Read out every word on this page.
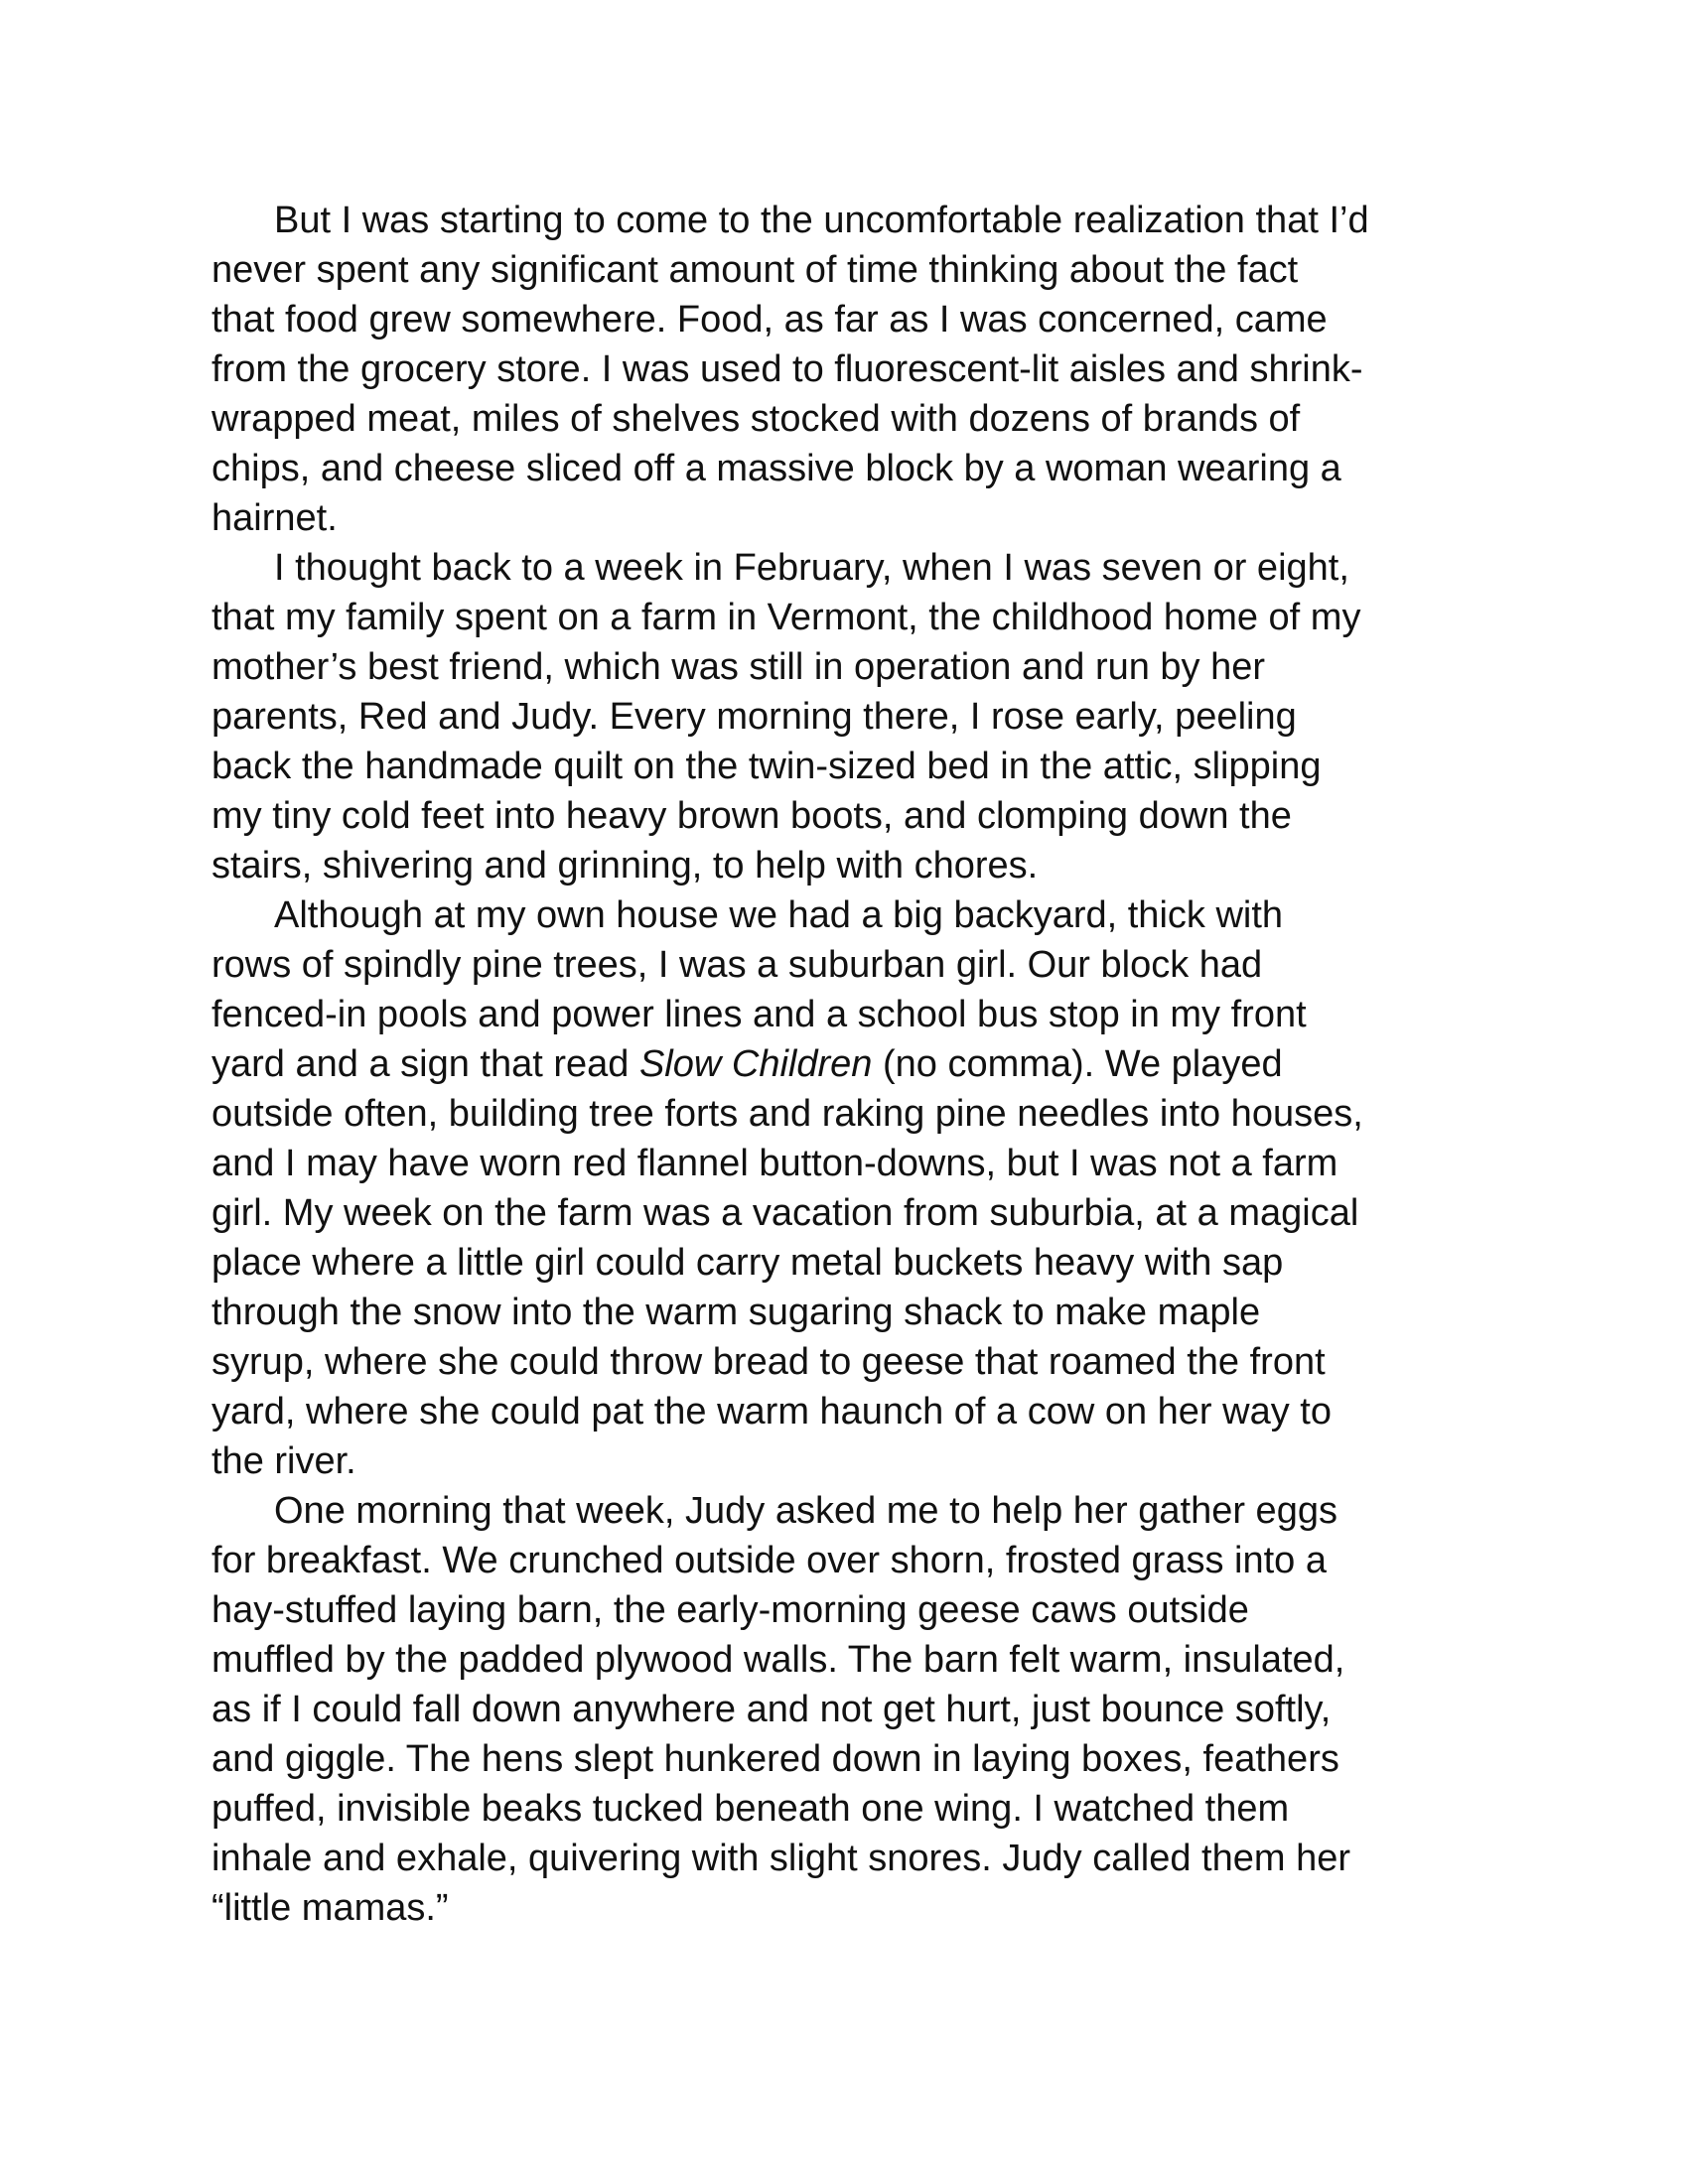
But I was starting to come to the uncomfortable realization that I’d
never spent any significant amount of time thinking about the fact
that food grew somewhere. Food, as far as I was concerned, came
from the grocery store. I was used to fluorescent-lit aisles and shrink-
wrapped meat, miles of shelves stocked with dozens of brands of
chips, and cheese sliced off a massive block by a woman wearing a
hairnet.
I thought back to a week in February, when I was seven or eight,
that my family spent on a farm in Vermont, the childhood home of my
mother’s best friend, which was still in operation and run by her
parents, Red and Judy. Every morning there, I rose early, peeling
back the handmade quilt on the twin-sized bed in the attic, slipping
my tiny cold feet into heavy brown boots, and clomping down the
stairs, shivering and grinning, to help with chores.
Although at my own house we had a big backyard, thick with
rows of spindly pine trees, I was a suburban girl. Our block had
fenced-in pools and power lines and a school bus stop in my front
yard and a sign that read Slow Children (no comma). We played
outside often, building tree forts and raking pine needles into houses,
and I may have worn red flannel button-downs, but I was not a farm
girl. My week on the farm was a vacation from suburbia, at a magical
place where a little girl could carry metal buckets heavy with sap
through the snow into the warm sugaring shack to make maple
syrup, where she could throw bread to geese that roamed the front
yard, where she could pat the warm haunch of a cow on her way to
the river.
One morning that week, Judy asked me to help her gather eggs
for breakfast. We crunched outside over shorn, frosted grass into a
hay-stuffed laying barn, the early-morning geese caws outside
muffled by the padded plywood walls. The barn felt warm, insulated,
as if I could fall down anywhere and not get hurt, just bounce softly,
and giggle. The hens slept hunkered down in laying boxes, feathers
puffed, invisible beaks tucked beneath one wing. I watched them
inhale and exhale, quivering with slight snores. Judy called them her
“little mamas.”
